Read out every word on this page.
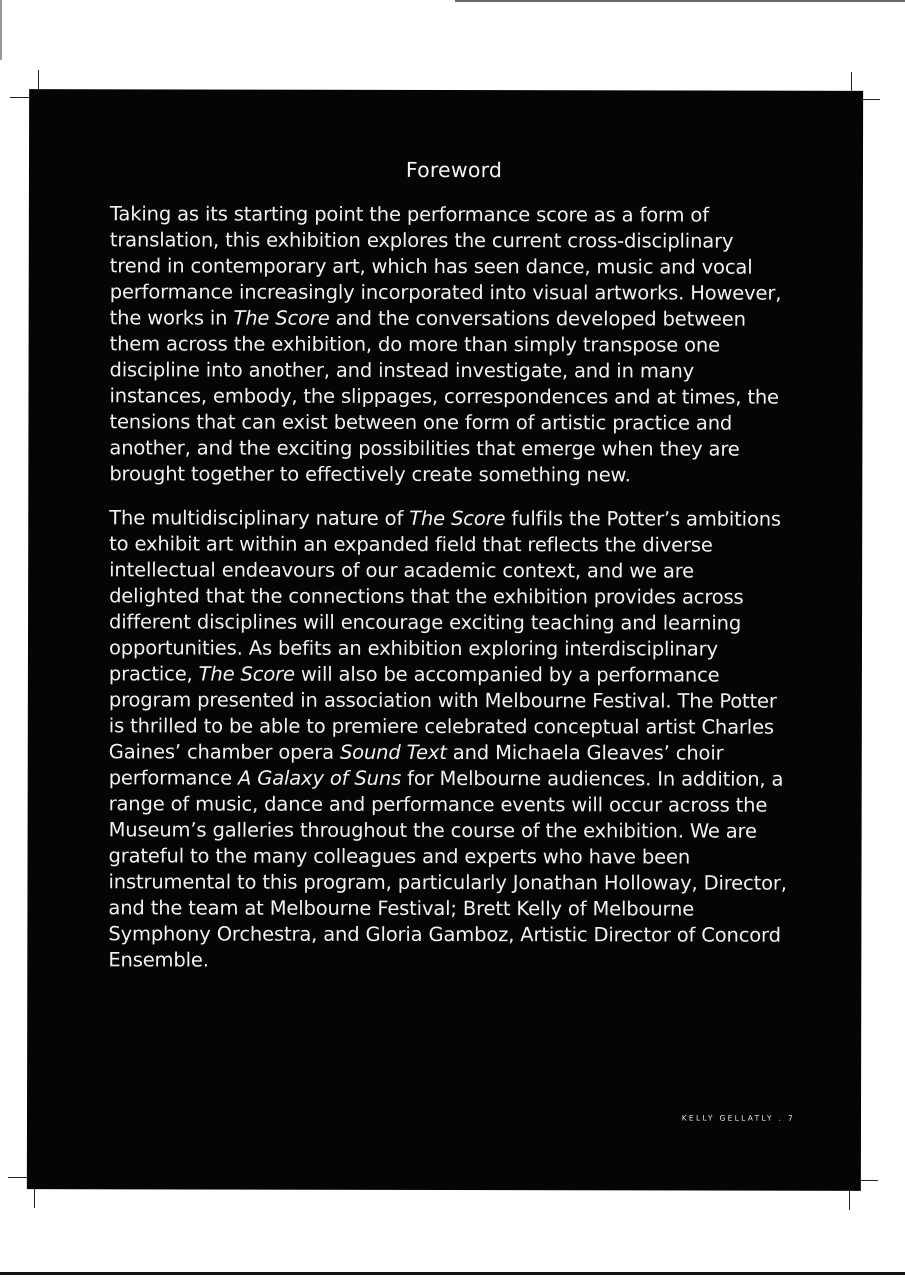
Foreword

Taking as its starting point the performance score as a form of translation, this exhibition explores the current cross-disciplinary trend in contemporary art, which has seen dance, music and vocal performance increasingly incorporated into visual artworks. However, the works in The Score and the conversations developed between them across the exhibition, do more than simply transpose one discipline into another, and instead investigate, and in many instances, embody, the slippages, correspondences and at times, the tensions that can exist between one form of artistic practice and another, and the exciting possibilities that emerge when they are brought together to effectively create something new.

The multidisciplinary nature of The Score fulfils the Potter’s ambitions to exhibit art within an expanded field that reflects the diverse intellectual endeavours of our academic context, and we are delighted that the connections that the exhibition provides across different disciplines will encourage exciting teaching and learning opportunities. As befits an exhibition exploring interdisciplinary practice, The Score will also be accompanied by a performance program presented in association with Melbourne Festival. The Potter is thrilled to be able to premiere celebrated conceptual artist Charles Gaines’ chamber opera Sound Text and Michaela Gleaves’ choir performance A Galaxy of Suns for Melbourne audiences. In addition, a range of music, dance and performance events will occur across the Museum’s galleries throughout the course of the exhibition. We are grateful to the many colleagues and experts who have been instrumental to this program, particularly Jonathan Holloway, Director, and the team at Melbourne Festival; Brett Kelly of Melbourne Symphony Orchestra, and Gloria Gamboz, Artistic Director of Concord Ensemble.

KELLY GELLATLY . 7
